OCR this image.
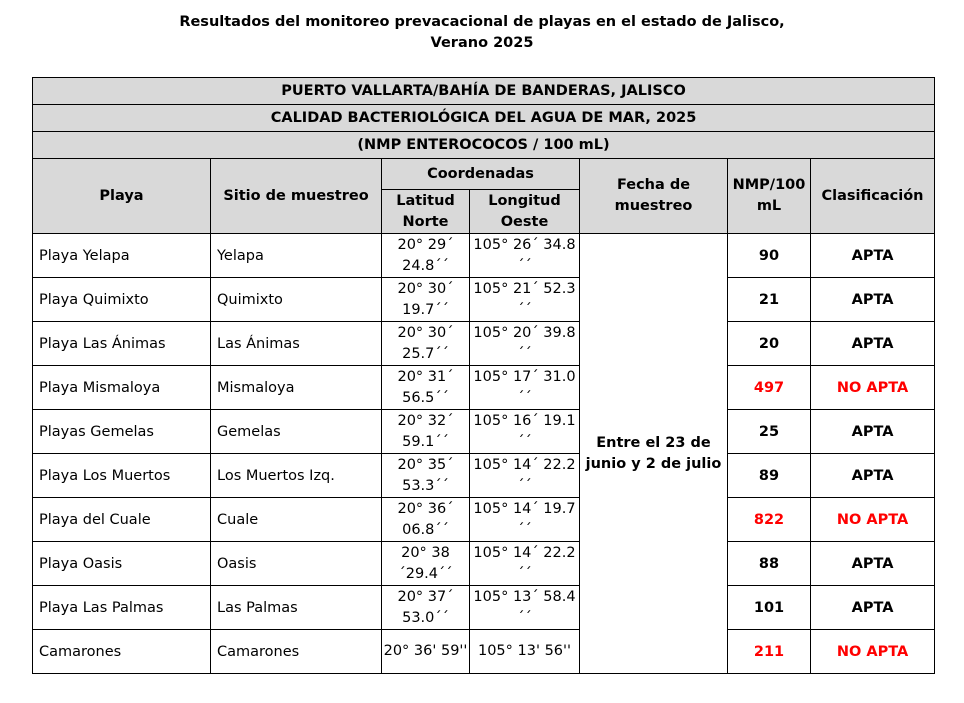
Resultados del monitoreo prevacacional de playas en el estado de Jalisco,
Verano 2025
PUERTO VALLARTA/BAHÍA DE BANDERAS, JALISCO						
CALIDAD BACTERIOLÓGICA DEL AGUA DE MAR, 2025						
(NMP ENTEROCOCOS / 100 mL)						
Playa	Sitio de muestreo	Coordenadas		Fecha de muestreo	NMP/100 mL	Clasificación
		Latitud Norte	Longitud Oeste			
Playa Yelapa	Yelapa	20° 29´ 24.8´´	105° 26´ 34.8´´	Entre el 23 de junio y 2 de julio	90	APTA
Playa Quimixto	Quimixto	20° 30´ 19.7´´	105° 21´ 52.3´´		21	APTA
Playa Las Ánimas	Las Ánimas	20° 30´ 25.7´´	105° 20´ 39.8´´		20	APTA
Playa Mismaloya	Mismaloya	20° 31´ 56.5´´	105° 17´ 31.0´´		497	NO APTA
Playas Gemelas	Gemelas	20° 32´ 59.1´´	105° 16´ 19.1´´		25	APTA
Playa Los Muertos	Los Muertos Izq.	20° 35´ 53.3´´	105° 14´ 22.2´´		89	APTA
Playa del Cuale	Cuale	20° 36´ 06.8´´	105° 14´ 19.7´´		822	NO APTA
Playa Oasis	Oasis	20° 38 ´29.4´´	105° 14´ 22.2´´		88	APTA
Playa Las Palmas	Las Palmas	20° 37´ 53.0´´	105° 13´ 58.4´´		101	APTA
Camarones	Camarones	20° 36' 59''	105° 13' 56''		211	NO APTA
